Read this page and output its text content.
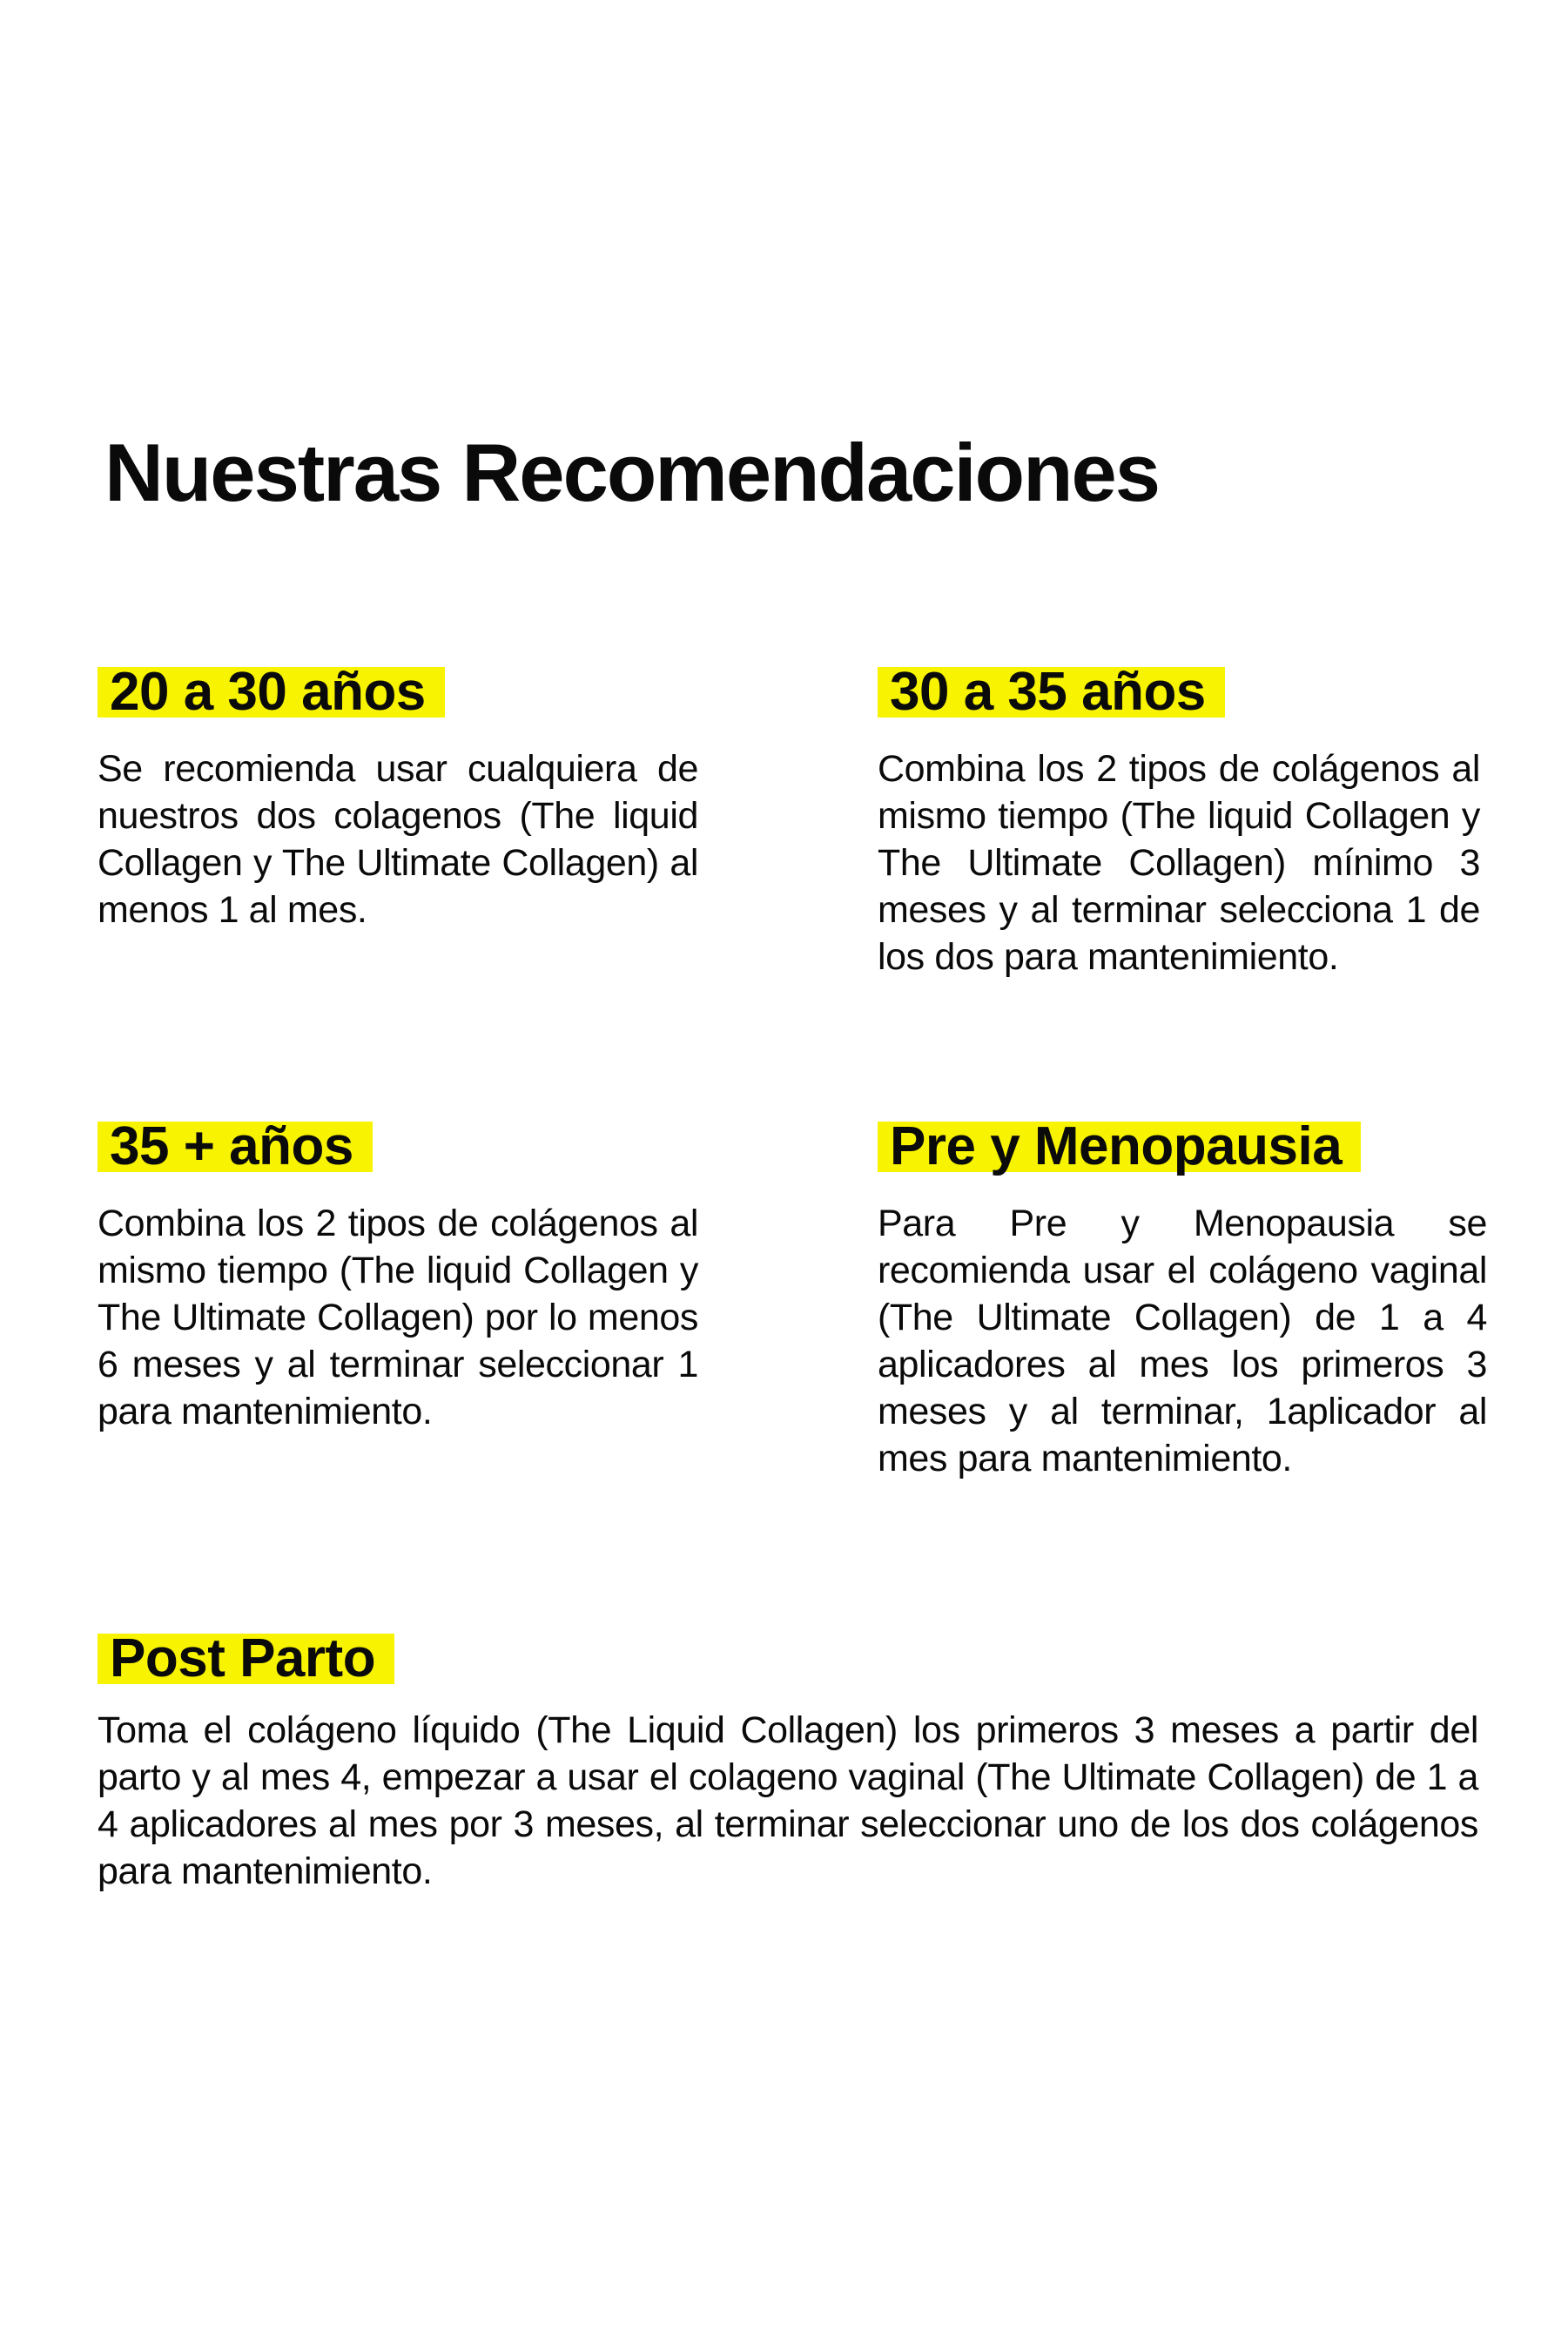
Nuestras Recomendaciones
20 a 30 años

Se recomienda usar cualquiera de nuestros dos colagenos (The liquid Collagen y The Ultimate Collagen) al menos 1 al mes.

30 a 35 años

Combina los 2 tipos de colágenos al mismo tiempo (The liquid Collagen y The Ultimate Collagen) mínimo 3 meses y al terminar selecciona 1 de los dos para mantenimiento.

35 + años

Combina los 2 tipos de colágenos al mismo tiempo (The liquid Collagen y The Ultimate Collagen) por lo menos 6 meses y al terminar seleccionar 1 para mantenimiento.

Pre y Menopausia

Para Pre y Menopausia se recomienda usar el colágeno vaginal (The Ultimate Collagen) de 1 a 4 aplicadores al mes los primeros 3 meses y al terminar, 1aplicador al mes para mantenimiento.

Post Parto

Toma el colágeno líquido (The Liquid Collagen) los primeros 3 meses a partir del parto y al mes 4, empezar a usar el colageno vaginal (The Ultimate Collagen) de 1 a 4 aplicadores al mes por 3 meses, al terminar seleccionar uno de los dos colágenos para mantenimiento.
